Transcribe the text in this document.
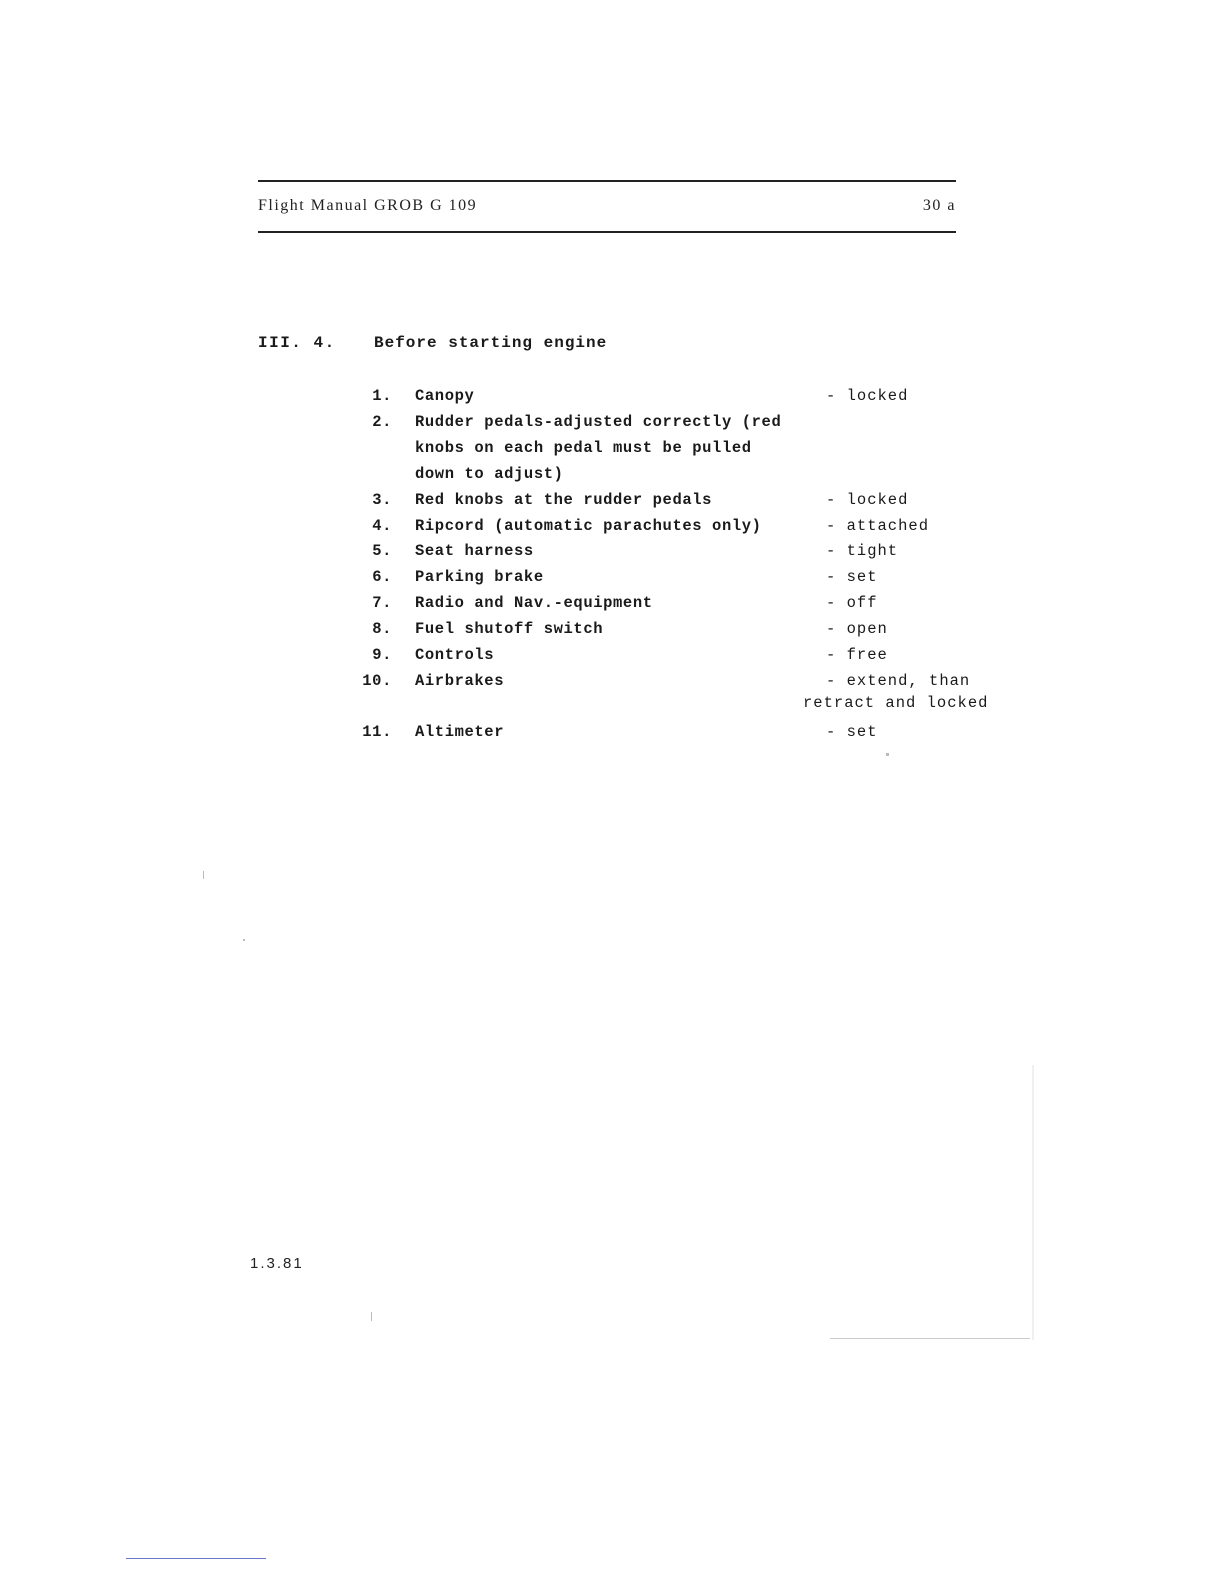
Flight Manual GROB G 109	30 a
III. 4. Before starting engine
1. Canopy	- locked
2. Rudder pedals-adjusted correctly (red
knobs on each pedal must be pulled
down to adjust)
3. Red knobs at the rudder pedals	- locked
4. Ripcord (automatic parachutes only)	- attached
5. Seat harness	- tight
6. Parking brake	- set
7. Radio and Nav.-equipment	- off
8. Fuel shutoff switch	- open
9. Controls	- free
10. Airbrakes	- extend, than
retract and locked
11. Altimeter	- set
1.3.81
